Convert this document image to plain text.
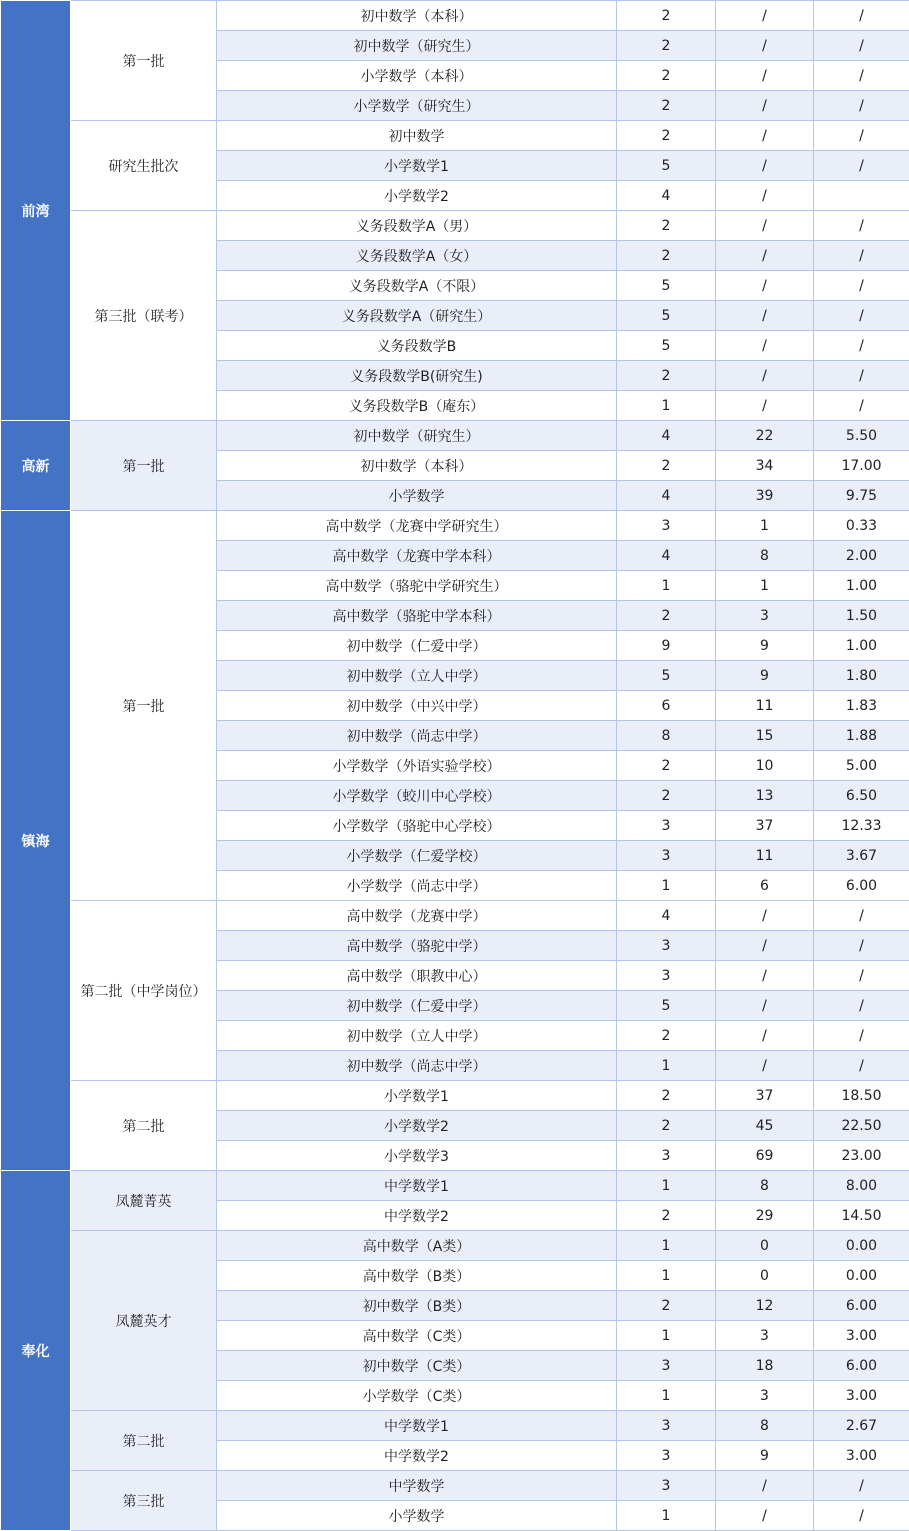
前湾	第一批	初中数学（本科）	2	/	/
		初中数学（研究生）	2	/	/
		小学数学（本科）	2	/	/
		小学数学（研究生）	2	/	/
	研究生批次	初中数学	2	/	/
		小学数学1	5	/	/
		小学数学2	4	/	
	第三批（联考）	义务段数学A（男）	2	/	/
		义务段数学A（女）	2	/	/
		义务段数学A（不限）	5	/	/
		义务段数学A（研究生）	5	/	/
		义务段数学B	5	/	/
		义务段数学B(研究生)	2	/	/
		义务段数学B（庵东）	1	/	/
高新	第一批	初中数学（研究生）	4	22	5.50
		初中数学（本科）	2	34	17.00
		小学数学	4	39	9.75
镇海	第一批	高中数学（龙赛中学研究生）	3	1	0.33
		高中数学（龙赛中学本科）	4	8	2.00
		高中数学（骆驼中学研究生）	1	1	1.00
		高中数学（骆驼中学本科）	2	3	1.50
		初中数学（仁爱中学）	9	9	1.00
		初中数学（立人中学）	5	9	1.80
		初中数学（中兴中学）	6	11	1.83
		初中数学（尚志中学）	8	15	1.88
		小学数学（外语实验学校）	2	10	5.00
		小学数学（蛟川中心学校）	2	13	6.50
		小学数学（骆驼中心学校）	3	37	12.33
		小学数学（仁爱学校）	3	11	3.67
		小学数学（尚志中学）	1	6	6.00
	第二批（中学岗位）	高中数学（龙赛中学）	4	/	/
		高中数学（骆驼中学）	3	/	/
		高中数学（职教中心）	3	/	/
		初中数学（仁爱中学）	5	/	/
		初中数学（立人中学）	2	/	/
		初中数学（尚志中学）	1	/	/
	第二批	小学数学1	2	37	18.50
		小学数学2	2	45	22.50
		小学数学3	3	69	23.00
奉化	凤麓菁英	中学数学1	1	8	8.00
		中学数学2	2	29	14.50
	凤麓英才	高中数学（A类）	1	0	0.00
		高中数学（B类）	1	0	0.00
		初中数学（B类）	2	12	6.00
		高中数学（C类）	1	3	3.00
		初中数学（C类）	3	18	6.00
		小学数学（C类）	1	3	3.00
	第二批	中学数学1	3	8	2.67
		中学数学2	3	9	3.00
	第三批	中学数学	3	/	/
		小学数学	1	/	/
